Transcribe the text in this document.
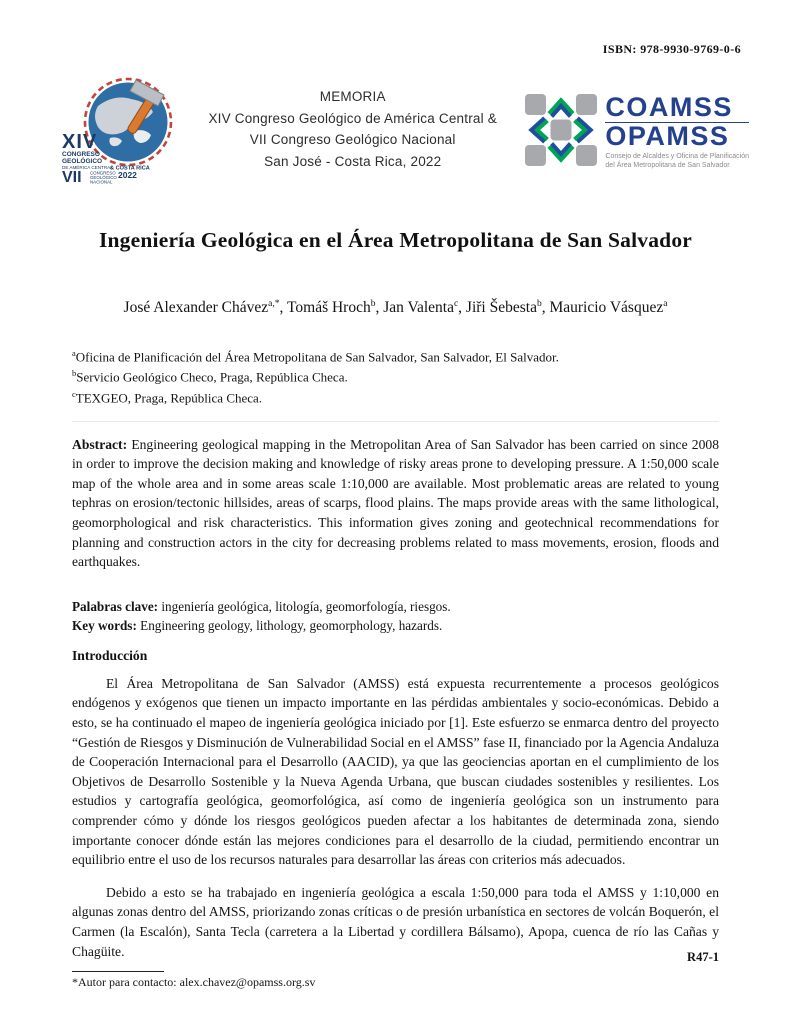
ISBN: 978-9930-9769-0-6
XIV
CONGRESO
GEOLÓGICO
DE AMÉRICA CENTRAL
& COSTA RICA
VII CONGRESO
GEOLÓGICO
NACIONAL
2022
MEMORIA
XIV Congreso Geológico de América Central &
VII Congreso Geológico Nacional
San José - Costa Rica, 2022
COAMSS
OPAMSS
Consejo de Alcaldes y Oficina de Planificación
del Área Metropolitana de San Salvador
Ingeniería Geológica en el Área Metropolitana de San Salvador
José Alexander Chávez$^{a,*}$, Tomáš Hroch$^b$, Jan Valenta$^c$, Jiři Šebesta$^b$, Mauricio Vásquez$^a$
$^a$Oficina de Planificación del Área Metropolitana de San Salvador, San Salvador, El Salvador.
$^b$Servicio Geológico Checo, Praga, República Checa.
$^c$TEXGEO, Praga, República Checa.

Abstract: Engineering geological mapping in the Metropolitan Area of San Salvador has been carried on since 2008 in order to improve the decision making and knowledge of risky areas prone to developing pressure. A 1:50,000 scale map of the whole area and in some areas scale 1:10,000 are available. Most problematic areas are related to young tephras on erosion/tectonic hillsides, areas of scarps, flood plains. The maps provide areas with the same lithological, geomorphological and risk characteristics. This information gives zoning and geotechnical recommendations for planning and construction actors in the city for decreasing problems related to mass movements, erosion, floods and earthquakes.

Palabras clave: ingeniería geológica, litología, geomorfología, riesgos.
Key words: Engineering geology, lithology, geomorphology, hazards.
Introducción

El Área Metropolitana de San Salvador (AMSS) está expuesta recurrentemente a procesos geológicos endógenos y exógenos que tienen un impacto importante en las pérdidas ambientales y socio-económicas. Debido a esto, se ha continuado el mapeo de ingeniería geológica iniciado por [1]. Este esfuerzo se enmarca dentro del proyecto “Gestión de Riesgos y Disminución de Vulnerabilidad Social en el AMSS” fase II, financiado por la Agencia Andaluza de Cooperación Internacional para el Desarrollo (AACID), ya que las geociencias aportan en el cumplimiento de los Objetivos de Desarrollo Sostenible y la Nueva Agenda Urbana, que buscan ciudades sostenibles y resilientes. Los estudios y cartografía geológica, geomorfológica, así como de ingeniería geológica son un instrumento para comprender cómo y dónde los riesgos geológicos pueden afectar a los habitantes de determinada zona, siendo importante conocer dónde están las mejores condiciones para el desarrollo de la ciudad, permitiendo encontrar un equilibrio entre el uso de los recursos naturales para desarrollar las áreas con criterios más adecuados.

Debido a esto se ha trabajado en ingeniería geológica a escala 1:50,000 para toda el AMSS y 1:10,000 en algunas zonas dentro del AMSS, priorizando zonas críticas o de presión urbanística en sectores de volcán Boquerón, el Carmen (la Escalón), Santa Tecla (carretera a la Libertad y cordillera Bálsamo), Apopa, cuenca de río las Cañas y Chagüite.

*Autor para contacto: alex.chavez@opamss.org.sv
R47-1
